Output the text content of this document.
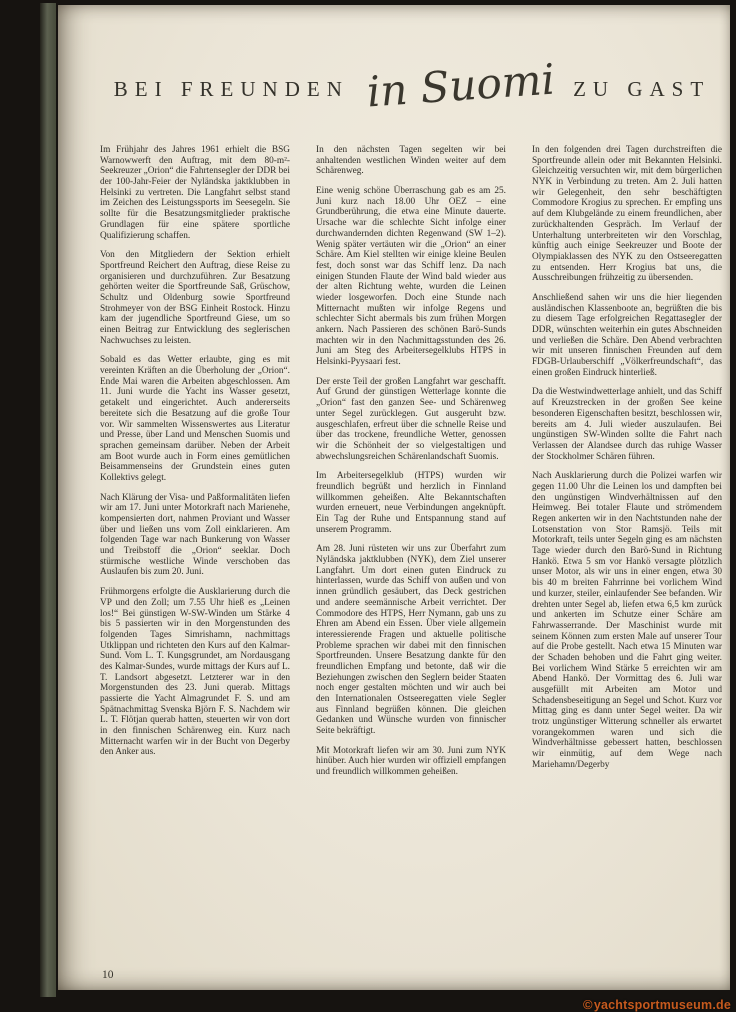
BEI FREUNDEN in Suomi ZU GAST

Im Frühjahr des Jahres 1961 erhielt die BSG Warnowwerft den Auftrag, mit dem 80-m²-Seekreuzer „Orion“ die Fahrtensegler der DDR bei der 100-Jahr-Feier der Nyländska jaktklubben in Helsinki zu vertreten. Die Langfahrt selbst stand im Zeichen des Leistungssports im Seesegeln. Sie sollte für die Besatzungsmitglieder praktische Grundlagen für eine spätere sportliche Qualifizierung schaffen.

Von den Mitgliedern der Sektion erhielt Sportfreund Reichert den Auftrag, diese Reise zu organisieren und durchzuführen. Zur Besatzung gehörten weiter die Sportfreunde Saß, Grüschow, Schultz und Oldenburg sowie Sportfreund Strohmeyer von der BSG Einheit Rostock. Hinzu kam der jugendliche Sportfreund Giese, um so einen Beitrag zur Entwicklung des seglerischen Nachwuchses zu leisten.

Sobald es das Wetter erlaubte, ging es mit vereinten Kräften an die Überholung der „Orion“. Ende Mai waren die Arbeiten abgeschlossen. Am 11. Juni wurde die Yacht ins Wasser gesetzt, getakelt und eingerichtet. Auch andererseits bereitete sich die Besatzung auf die große Tour vor. Wir sammelten Wissenswertes aus Literatur und Presse, über Land und Menschen Suomis und sprachen gemeinsam darüber. Neben der Arbeit am Boot wurde auch in Form eines gemütlichen Beisammenseins der Grundstein eines guten Kollektivs gelegt.

Nach Klärung der Visa- und Paßformalitäten liefen wir am 17. Juni unter Motorkraft nach Marienehe, kompensierten dort, nahmen Proviant und Wasser über und ließen uns vom Zoll einklarieren. Am folgenden Tage war nach Bunkerung von Wasser und Treibstoff die „Orion“ seeklar. Doch stürmische westliche Winde verschoben das Auslaufen bis zum 20. Juni.

Frühmorgens erfolgte die Ausklarierung durch die VP und den Zoll; um 7.55 Uhr hieß es „Leinen los!“ Bei günstigen W-SW-Winden um Stärke 4 bis 5 passierten wir in den Morgenstunden des folgenden Tages Simrishamn, nachmittags Utklippan und richteten den Kurs auf den Kalmar-Sund. Vom L. T. Kungsgrundet, am Nordausgang des Kalmar-Sundes, wurde mittags der Kurs auf L. T. Landsort abgesetzt. Letzterer war in den Morgenstunden des 23. Juni querab. Mittags passierte die Yacht Almagrundet F. S. und am Spätnachmittag Svenska Björn F. S. Nachdem wir L. T. Flötjan querab hatten, steuerten wir von dort in den finnischen Schärenweg ein. Kurz nach Mitternacht warfen wir in der Bucht von Degerby den Anker aus.

In den nächsten Tagen segelten wir bei anhaltenden westlichen Winden weiter auf dem Schärenweg.

Eine wenig schöne Überraschung gab es am 25. Juni kurz nach 18.00 Uhr OEZ – eine Grundberührung, die etwa eine Minute dauerte. Ursache war die schlechte Sicht infolge einer durchwandernden dichten Regenwand (SW 1–2). Wenig später vertäuten wir die „Orion“ an einer Schäre. Am Kiel stellten wir einige kleine Beulen fest, doch sonst war das Schiff lenz. Da nach einigen Stunden Flaute der Wind bald wieder aus der alten Richtung wehte, wurden die Leinen wieder losgeworfen. Doch eine Stunde nach Mitternacht mußten wir infolge Regens und schlechter Sicht abermals bis zum frühen Morgen ankern. Nach Passieren des schönen Barö-Sunds machten wir in den Nachmittagsstunden des 26. Juni am Steg des Arbeitersegelklubs HTPS in Helsinki-Pyysaari fest.

Der erste Teil der großen Langfahrt war geschafft. Auf Grund der günstigen Wetterlage konnte die „Orion“ fast den ganzen See- und Schärenweg unter Segel zurücklegen. Gut ausgeruht bzw. ausgeschlafen, erfreut über die schnelle Reise und über das trockene, freundliche Wetter, genossen wir die Schönheit der so vielgestaltigen und abwechslungsreichen Schärenlandschaft Suomis.

Im Arbeitersegelklub (HTPS) wurden wir freundlich begrüßt und herzlich in Finnland willkommen geheißen. Alte Bekanntschaften wurden erneuert, neue Verbindungen angeknüpft. Ein Tag der Ruhe und Entspannung stand auf unserem Programm.

Am 28. Juni rüsteten wir uns zur Überfahrt zum Nyländska jaktklubben (NYK), dem Ziel unserer Langfahrt. Um dort einen guten Eindruck zu hinterlassen, wurde das Schiff von außen und von innen gründlich gesäubert, das Deck gestrichen und andere seemännische Arbeit verrichtet. Der Commodore des HTPS, Herr Nymann, gab uns zu Ehren am Abend ein Essen. Über viele allgemein interessierende Fragen und aktuelle politische Probleme sprachen wir dabei mit den finnischen Sportfreunden. Unsere Besatzung dankte für den freundlichen Empfang und betonte, daß wir die Beziehungen zwischen den Seglern beider Staaten noch enger gestalten möchten und wir auch bei den Internationalen Ostseeregatten viele Segler aus Finnland begrüßen können. Die gleichen Gedanken und Wünsche wurden von finnischer Seite bekräftigt.

Mit Motorkraft liefen wir am 30. Juni zum NYK hinüber. Auch hier wurden wir offiziell empfangen und freundlich willkommen geheißen.

In den folgenden drei Tagen durchstreiften die Sportfreunde allein oder mit Bekannten Helsinki. Gleichzeitig versuchten wir, mit dem bürgerlichen NYK in Verbindung zu treten. Am 2. Juli hatten wir Gelegenheit, den sehr beschäftigten Commodore Krogius zu sprechen. Er empfing uns auf dem Klubgelände zu einem freundlichen, aber zurückhaltenden Gespräch. Im Verlauf der Unterhaltung unterbreiteten wir den Vorschlag, künftig auch einige Seekreuzer und Boote der Olympiaklassen des NYK zu den Ostseeregatten zu entsenden. Herr Krogius bat uns, die Ausschreibungen frühzeitig zu übersenden.

Anschließend sahen wir uns die hier liegenden ausländischen Klassenboote an, begrüßten die bis zu diesem Tage erfolgreichen Regattasegler der DDR, wünschten weiterhin ein gutes Abschneiden und verließen die Schäre. Den Abend verbrachten wir mit unseren finnischen Freunden auf dem FDGB-Urlauberschiff „Völkerfreundschaft“, das einen großen Eindruck hinterließ.

Da die Westwindwetterlage anhielt, und das Schiff auf Kreuzstrecken in der großen See keine besonderen Eigenschaften besitzt, beschlossen wir, bereits am 4. Juli wieder auszulaufen. Bei ungünstigen SW-Winden sollte die Fahrt nach Verlassen der Alandsee durch das ruhige Wasser der Stockholmer Schären führen.

Nach Ausklarierung durch die Polizei warfen wir gegen 11.00 Uhr die Leinen los und dampften bei den ungünstigen Windverhältnissen auf den Heimweg. Bei totaler Flaute und strömendem Regen ankerten wir in den Nachtstunden nahe der Lotsenstation von Stor Ramsjö. Teils mit Motorkraft, teils unter Segeln ging es am nächsten Tage wieder durch den Barö-Sund in Richtung Hankö. Etwa 5 sm vor Hankö versagte plötzlich unser Motor, als wir uns in einer engen, etwa 30 bis 40 m breiten Fahrrinne bei vorlichem Wind und kurzer, steiler, einlaufender See befanden. Wir drehten unter Segel ab, liefen etwa 6,5 km zurück und ankerten im Schutze einer Schäre am Fahrwasserrande. Der Maschinist wurde mit seinem Können zum ersten Male auf unserer Tour auf die Probe gestellt. Nach etwa 15 Minuten war der Schaden behoben und die Fahrt ging weiter. Bei vorlichem Wind Stärke 5 erreichten wir am Abend Hankö. Der Vormittag des 6. Juli war ausgefüllt mit Arbeiten am Motor und Schadensbeseitigung an Segel und Schot. Kurz vor Mittag ging es dann unter Segel weiter. Da wir trotz ungünstiger Witterung schneller als erwartet vorangekommen waren und sich die Windverhältnisse gebessert hatten, beschlossen wir einmütig, auf dem Wege nach Mariehamn/Degerby

10
©yachtsportmuseum.de
